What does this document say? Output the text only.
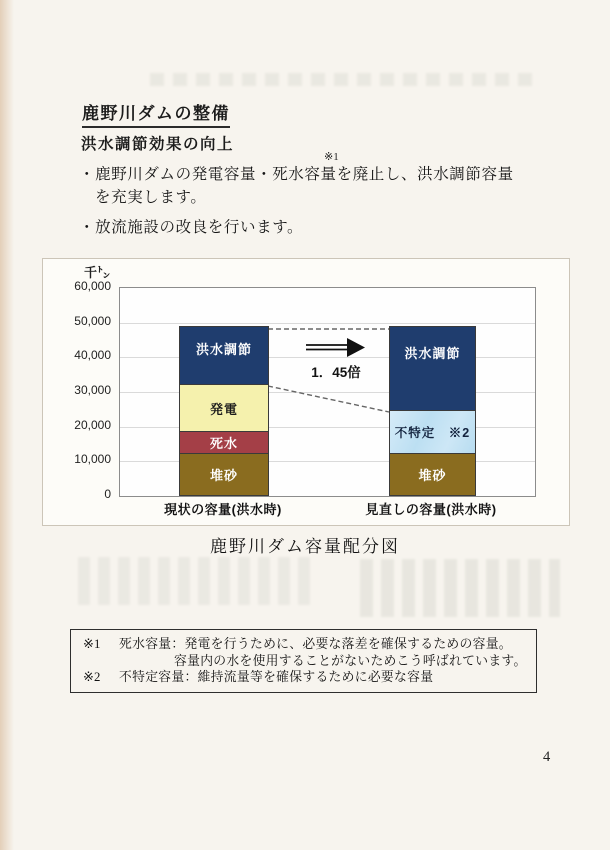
鹿野川ダムの整備
洪水調節効果の向上
※1
・鹿野川ダムの発電容量・死水容量を廃止し、洪水調節容量
を充実します。
・放流施設の改良を行います。
千㌧
60,000
50,000
40,000
30,000
20,000
10,000
0
1．45倍
洪水調節
発電
死水
堆砂
洪水調節
不特定　※2
堆砂
現状の容量(洪水時)	見直しの容量(洪水時)
鹿野川ダム容量配分図
※1	死水容量：発電を行うために、必要な落差を確保するための容量。
容量内の水を使用することがないためこう呼ばれています。
※2	不特定容量：維持流量等を確保するために必要な容量
4
